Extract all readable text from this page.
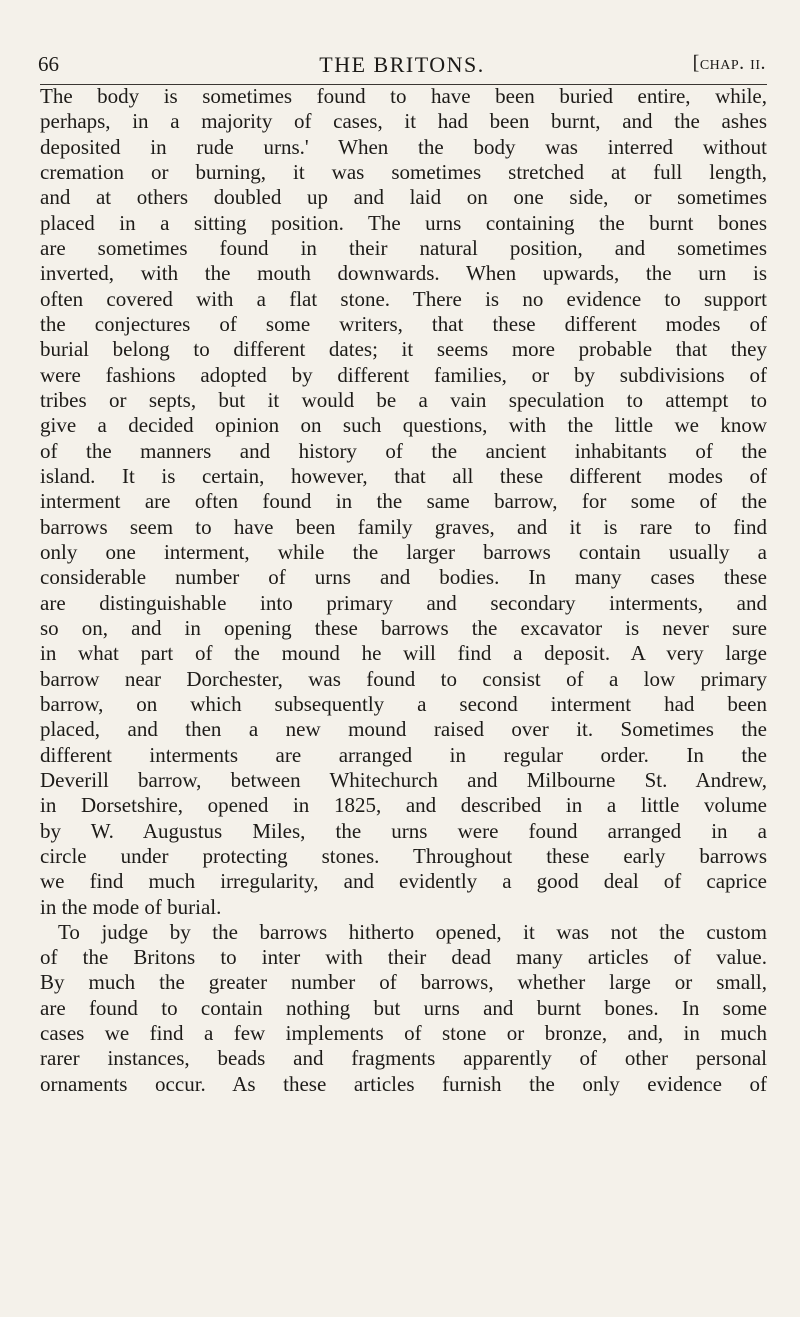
66	THE BRITONS.	[chap. ii.
The body is sometimes found to have been buried entire, while,
perhaps, in a majority of cases, it had been burnt, and the ashes
deposited in rude urns.' When the body was interred without
cremation or burning, it was sometimes stretched at full length,
and at others doubled up and laid on one side, or sometimes
placed in a sitting position. The urns containing the burnt bones
are sometimes found in their natural position, and sometimes
inverted, with the mouth downwards. When upwards, the urn is
often covered with a flat stone. There is no evidence to support
the conjectures of some writers, that these different modes of
burial belong to different dates; it seems more probable that they
were fashions adopted by different families, or by subdivisions of
tribes or septs, but it would be a vain speculation to attempt to
give a decided opinion on such questions, with the little we know
of the manners and history of the ancient inhabitants of the
island. It is certain, however, that all these different modes of
interment are often found in the same barrow, for some of the
barrows seem to have been family graves, and it is rare to find
only one interment, while the larger barrows contain usually a
considerable number of urns and bodies. In many cases these
are distinguishable into primary and secondary interments, and
so on, and in opening these barrows the excavator is never sure
in what part of the mound he will find a deposit. A very large
barrow near Dorchester, was found to consist of a low primary
barrow, on which subsequently a second interment had been
placed, and then a new mound raised over it. Sometimes the
different interments are arranged in regular order. In the
Deverill barrow, between Whitechurch and Milbourne St. Andrew,
in Dorsetshire, opened in 1825, and described in a little volume
by W. Augustus Miles, the urns were found arranged in a
circle under protecting stones. Throughout these early barrows
we find much irregularity, and evidently a good deal of caprice
in the mode of burial.
To judge by the barrows hitherto opened, it was not the custom
of the Britons to inter with their dead many articles of value.
By much the greater number of barrows, whether large or small,
are found to contain nothing but urns and burnt bones. In some
cases we find a few implements of stone or bronze, and, in much
rarer instances, beads and fragments apparently of other personal
ornaments occur. As these articles furnish the only evidence of
